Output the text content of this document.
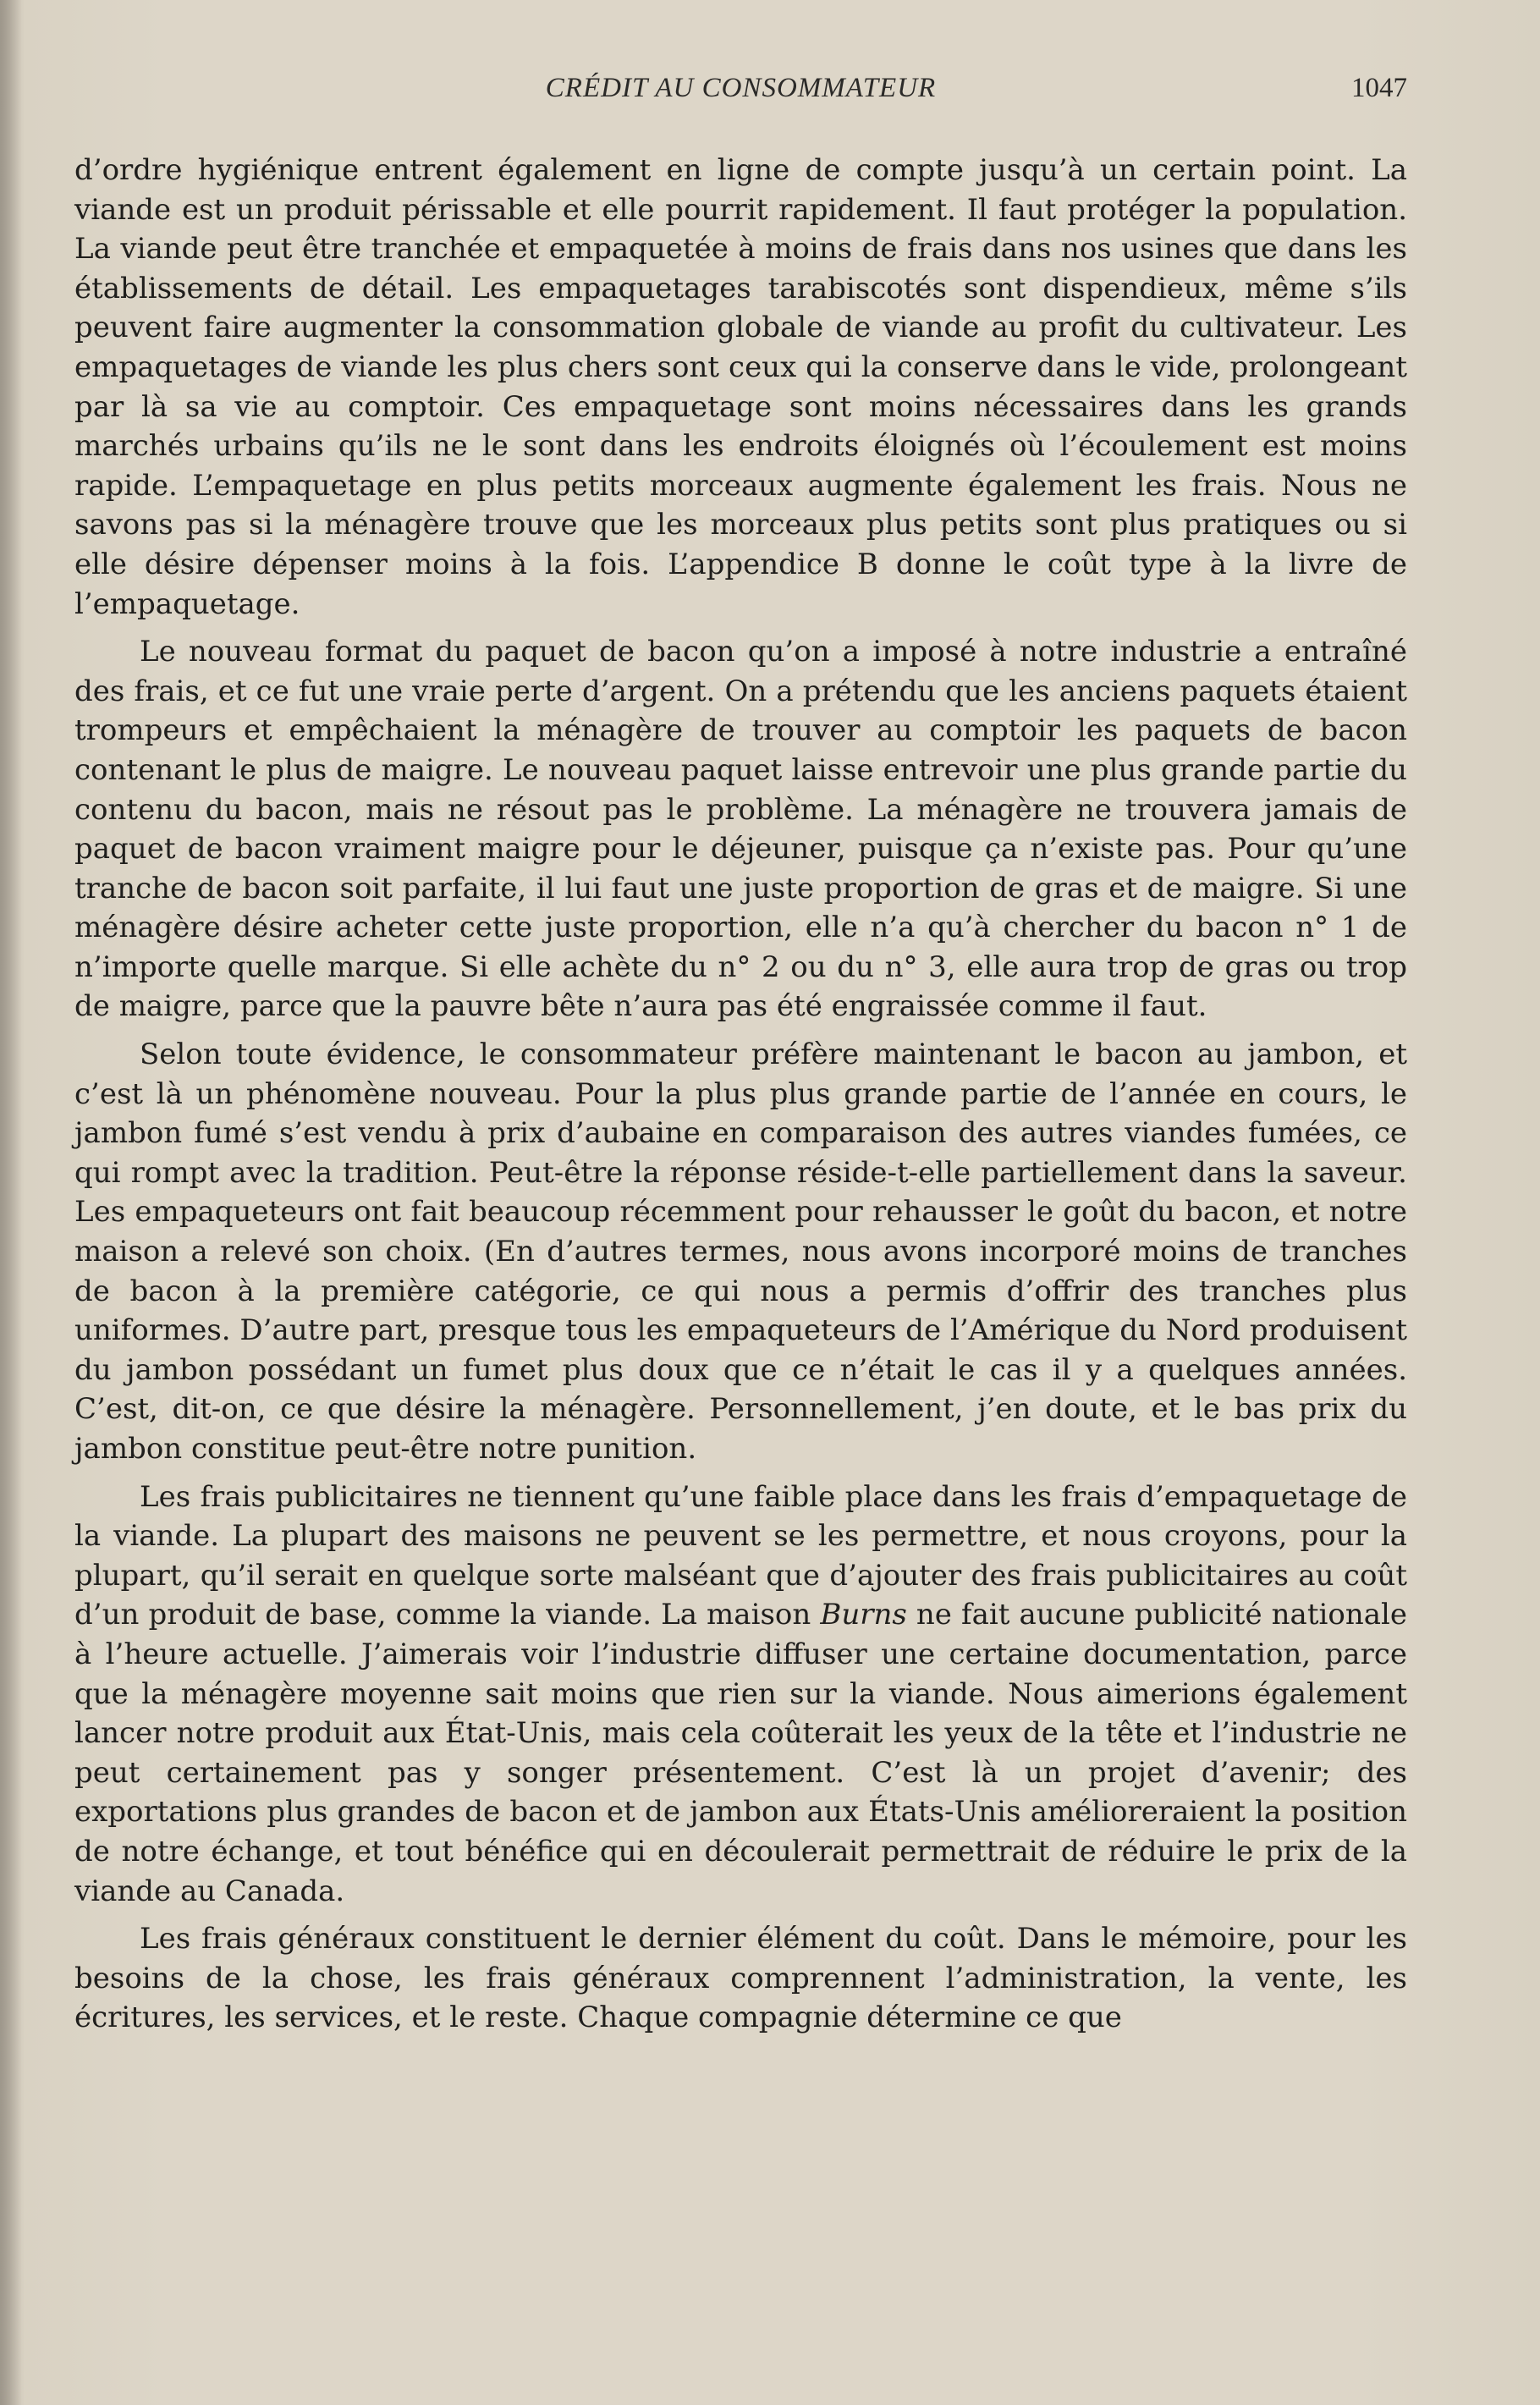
CRÉDIT AU CONSOMMATEUR	1047

d’ordre hygiénique entrent également en ligne de compte jusqu’à un certain point. La viande est un produit périssable et elle pourrit rapidement. Il faut protéger la population. La viande peut être tranchée et empaquetée à moins de frais dans nos usines que dans les établissements de détail. Les empaquetages tarabiscotés sont dispendieux, même s’ils peuvent faire augmenter la consommation globale de viande au profit du cultivateur. Les empaquetages de viande les plus chers sont ceux qui la conserve dans le vide, prolongeant par là sa vie au comptoir. Ces empaquetage sont moins nécessaires dans les grands marchés urbains qu’ils ne le sont dans les endroits éloignés où l’écoulement est moins rapide. L’empaquetage en plus petits morceaux augmente également les frais. Nous ne savons pas si la ménagère trouve que les morceaux plus petits sont plus pratiques ou si elle désire dépenser moins à la fois. L’appendice B donne le coût type à la livre de l’empaquetage.

Le nouveau format du paquet de bacon qu’on a imposé à notre industrie a entraîné des frais, et ce fut une vraie perte d’argent. On a prétendu que les anciens paquets étaient trompeurs et empêchaient la ménagère de trouver au comptoir les paquets de bacon contenant le plus de maigre. Le nouveau paquet laisse entrevoir une plus grande partie du contenu du bacon, mais ne résout pas le problème. La ménagère ne trouvera jamais de paquet de bacon vraiment maigre pour le déjeuner, puisque ça n’existe pas. Pour qu’une tranche de bacon soit parfaite, il lui faut une juste proportion de gras et de maigre. Si une ménagère désire acheter cette juste proportion, elle n’a qu’à chercher du bacon n° 1 de n’importe quelle marque. Si elle achète du n° 2 ou du n° 3, elle aura trop de gras ou trop de maigre, parce que la pauvre bête n’aura pas été engraissée comme il faut.

Selon toute évidence, le consommateur préfère maintenant le bacon au jambon, et c’est là un phénomène nouveau. Pour la plus plus grande partie de l’année en cours, le jambon fumé s’est vendu à prix d’aubaine en comparaison des autres viandes fumées, ce qui rompt avec la tradition. Peut-être la réponse réside-t-elle partiellement dans la saveur. Les empaqueteurs ont fait beaucoup récemment pour rehausser le goût du bacon, et notre maison a relevé son choix. (En d’autres termes, nous avons incorporé moins de tranches de bacon à la première catégorie, ce qui nous a permis d’offrir des tranches plus uniformes. D’autre part, presque tous les empaqueteurs de l’Amérique du Nord produisent du jambon possédant un fumet plus doux que ce n’était le cas il y a quelques années. C’est, dit-on, ce que désire la ménagère. Personnellement, j’en doute, et le bas prix du jambon constitue peut-être notre punition.

Les frais publicitaires ne tiennent qu’une faible place dans les frais d’empaquetage de la viande. La plupart des maisons ne peuvent se les permettre, et nous croyons, pour la plupart, qu’il serait en quelque sorte malséant que d’ajouter des frais publicitaires au coût d’un produit de base, comme la viande. La maison Burns ne fait aucune publicité nationale à l’heure actuelle. J’aimerais voir l’industrie diffuser une certaine documentation, parce que la ménagère moyenne sait moins que rien sur la viande. Nous aimerions également lancer notre produit aux État-Unis, mais cela coûterait les yeux de la tête et l’industrie ne peut certainement pas y songer présentement. C’est là un projet d’avenir; des exportations plus grandes de bacon et de jambon aux États-Unis amélioreraient la position de notre échange, et tout bénéfice qui en découlerait permettrait de réduire le prix de la viande au Canada.

Les frais généraux constituent le dernier élément du coût. Dans le mémoire, pour les besoins de la chose, les frais généraux comprennent l’administration, la vente, les écritures, les services, et le reste. Chaque compagnie détermine ce que
